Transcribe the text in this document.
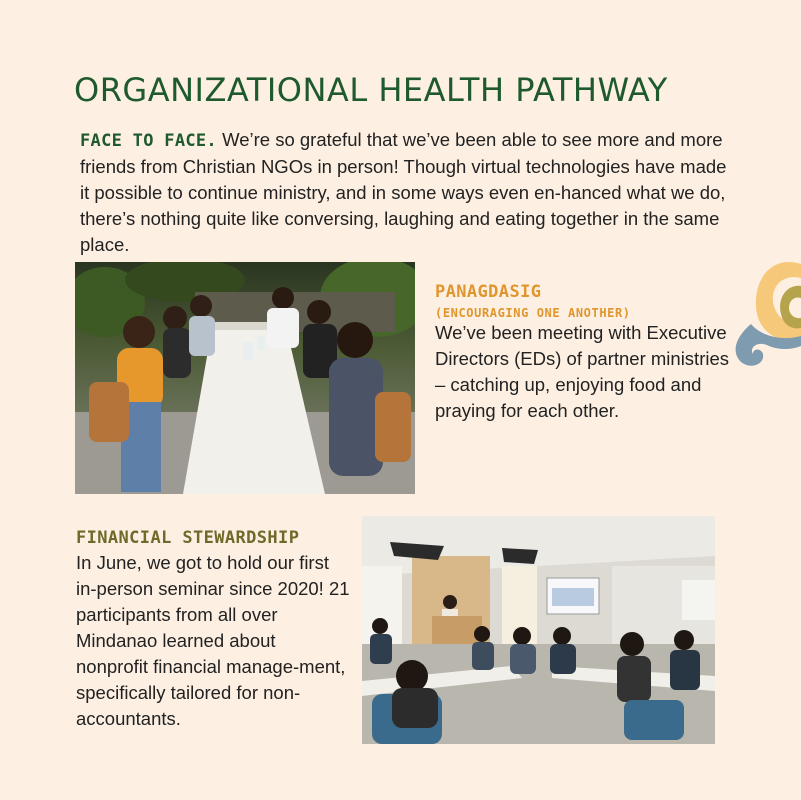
ORGANIZATIONAL HEALTH PATHWAY

FACE TO FACE. We’re so grateful that we’ve been able to see more and more friends from Christian NGOs in person! Though virtual technologies have made it possible to continue ministry, and in some ways even en-hanced what we do, there’s nothing quite like conversing, laughing and eating together in the same place.

PANAGDASIG
(ENCOURAGING ONE ANOTHER)
We’ve been meeting with Executive Directors (EDs) of partner ministries – catching up, enjoying food and praying for each other.
FINANCIAL STEWARDSHIP
In June, we got to hold our first in-person seminar since 2020! 21 participants from all over Mindanao learned about nonprofit financial manage-ment, specifically tailored for non-accountants.
